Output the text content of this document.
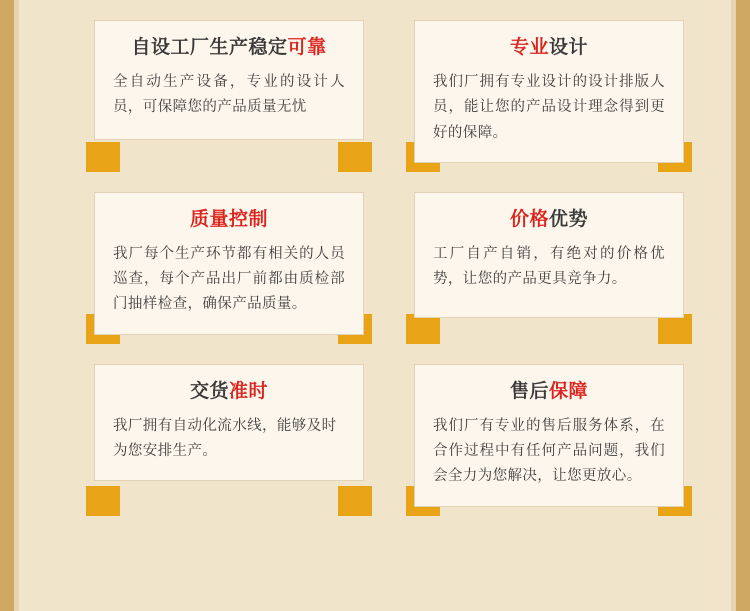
自设工厂生产稳定可靠

全自动生产设备，专业的设计人员，可保障您的产品质量无忧

专业设计

我们厂拥有专业设计的设计排版人员，能让您的产品设计理念得到更好的保障。

质量控制

我厂每个生产环节都有相关的人员巡查，每个产品出厂前都由质检部门抽样检查，确保产品质量。

价格优势

工厂自产自销，有绝对的价格优势，让您的产品更具竞争力。

交货准时

我厂拥有自动化流水线，能够及时为您安排生产。

售后保障

我们厂有专业的售后服务体系，在合作过程中有任何产品问题，我们会全力为您解决，让您更放心。
